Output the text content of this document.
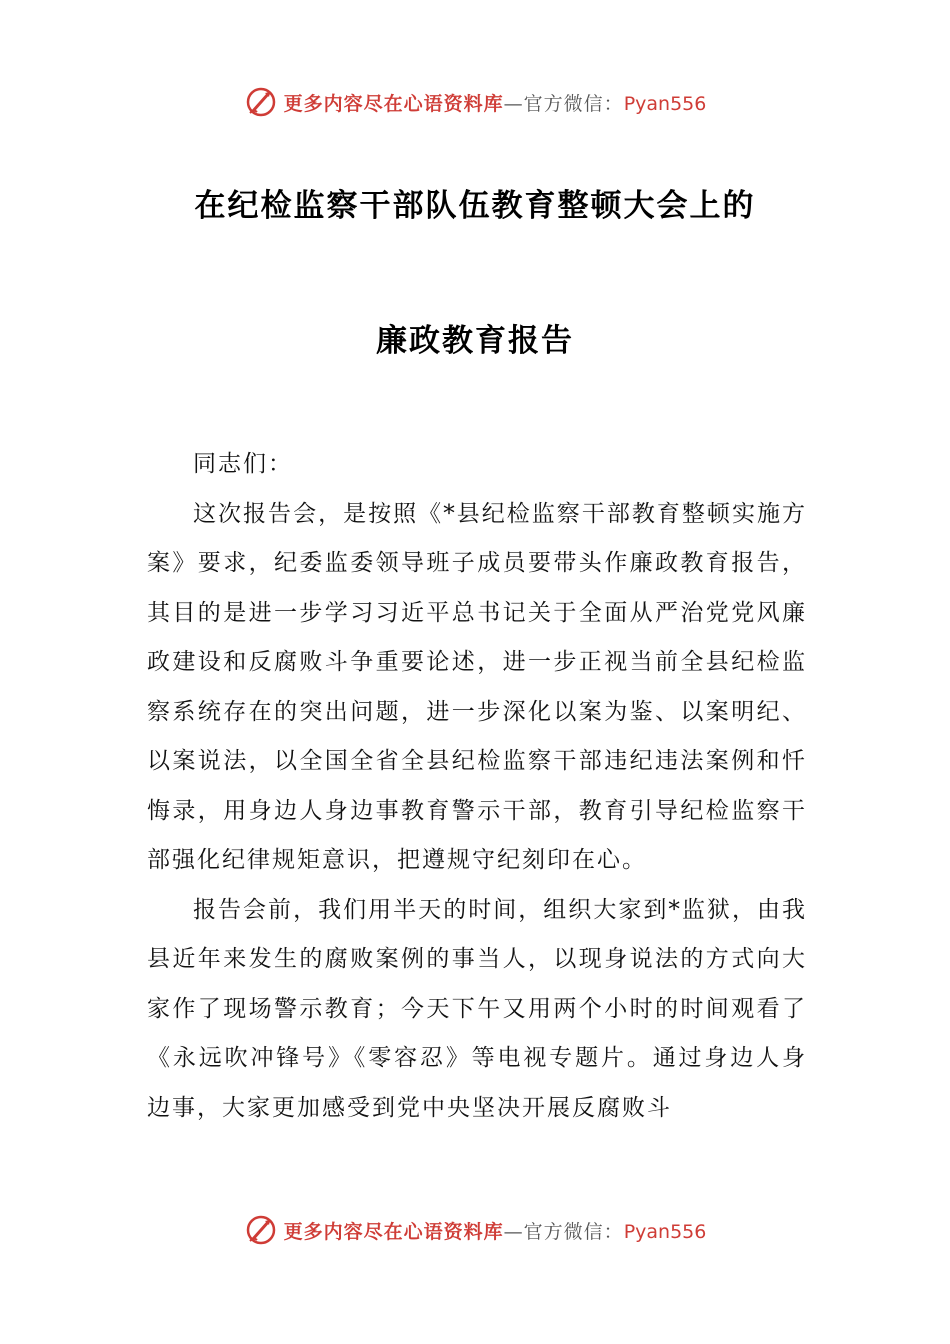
更多内容尽在心语资料库—官方微信：Pyan556
在纪检监察干部队伍教育整顿大会上的
廉政教育报告

同志们：

这次报告会，是按照《*县纪检监察干部教育整顿实施方案》要求，纪委监委领导班子成员要带头作廉政教育报告，其目的是进一步学习习近平总书记关于全面从严治党党风廉政建设和反腐败斗争重要论述，进一步正视当前全县纪检监察系统存在的突出问题，进一步深化以案为鉴、以案明纪、以案说法，以全国全省全县纪检监察干部违纪违法案例和忏悔录，用身边人身边事教育警示干部，教育引导纪检监察干部强化纪律规矩意识，把遵规守纪刻印在心。

报告会前，我们用半天的时间，组织大家到*监狱，由我县近年来发生的腐败案例的事当人，以现身说法的方式向大家作了现场警示教育；今天下午又用两个小时的时间观看了《永远吹冲锋号》《零容忍》等电视专题片。通过身边人身边事，大家更加感受到党中央坚决开展反腐败斗

更多内容尽在心语资料库—官方微信：Pyan556
